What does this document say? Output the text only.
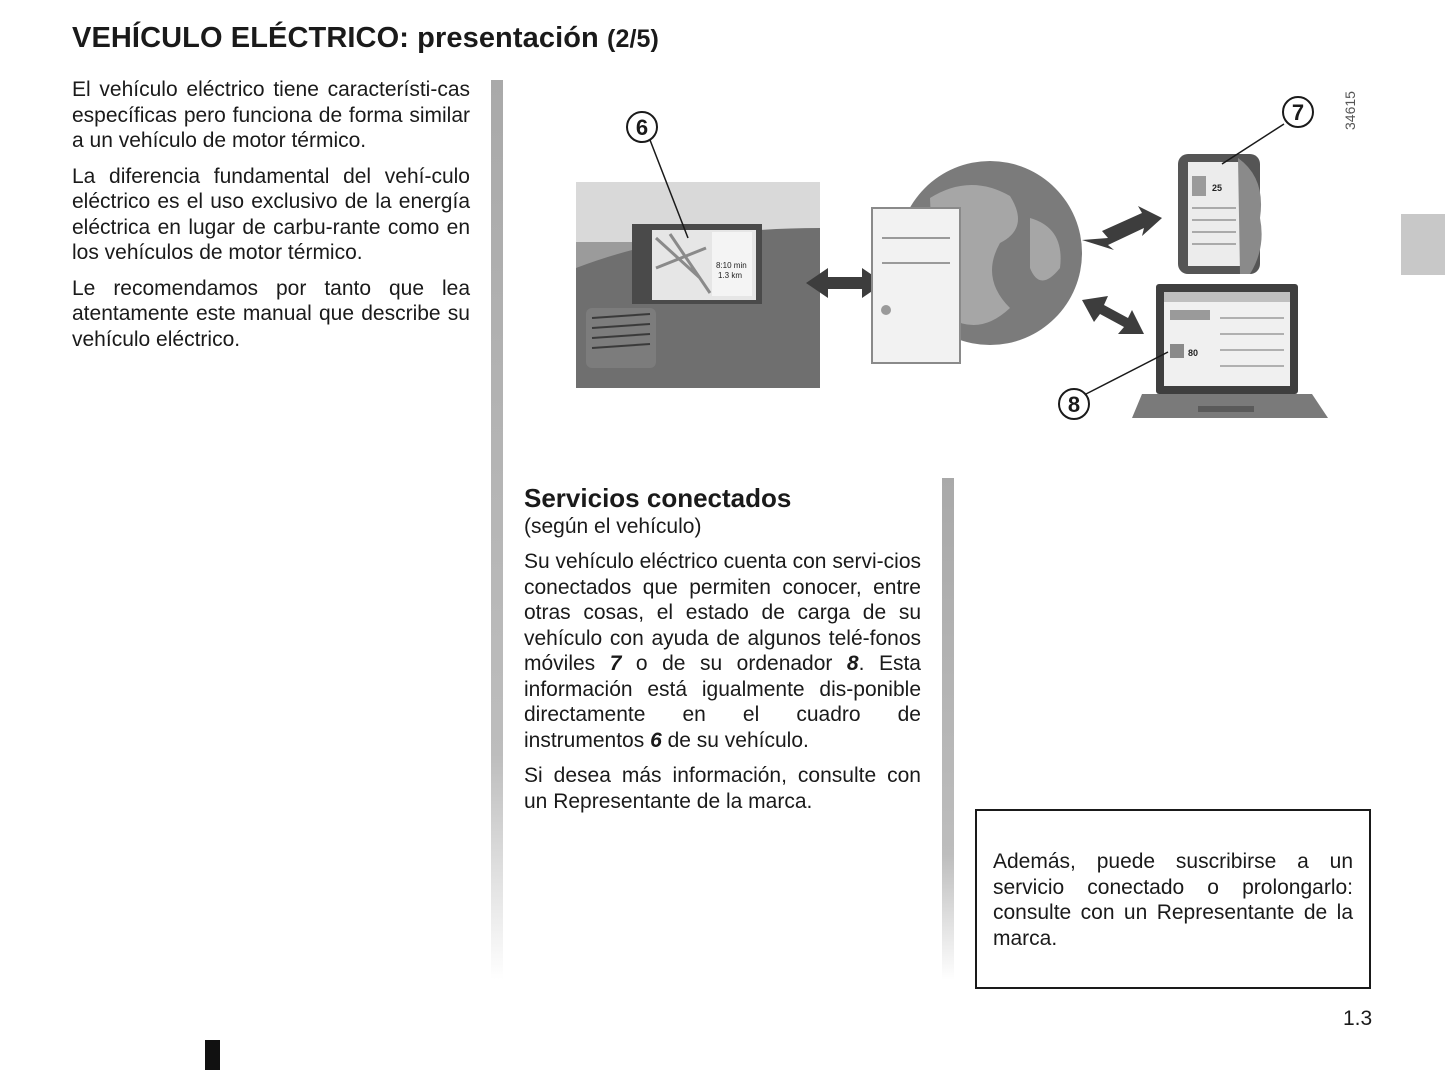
VEHÍCULO ELÉCTRICO: presentación (2/5)

El vehículo eléctrico tiene característi-cas específicas pero funciona de forma similar a un vehículo de motor térmico.

La diferencia fundamental del vehí-culo eléctrico es el uso exclusivo de la energía eléctrica en lugar de carbu-rante como en los vehículos de motor térmico.

Le recomendamos por tanto que lea atentamente este manual que describe su vehículo eléctrico.

8:10 min
1.3 km
25
80
6
7
8
34615
Servicios conectados

(según el vehículo)

Su vehículo eléctrico cuenta con servi-cios conectados que permiten conocer, entre otras cosas, el estado de carga de su vehículo con ayuda de algunos telé-fonos móviles 7 o de su ordenador 8. Esta información está igualmente dis-ponible directamente en el cuadro de instrumentos 6 de su vehículo.

Si desea más información, consulte con un Representante de la marca.

Además, puede suscribirse a un servicio conectado o prolongarlo: consulte con un Representante de la marca.
1.3
